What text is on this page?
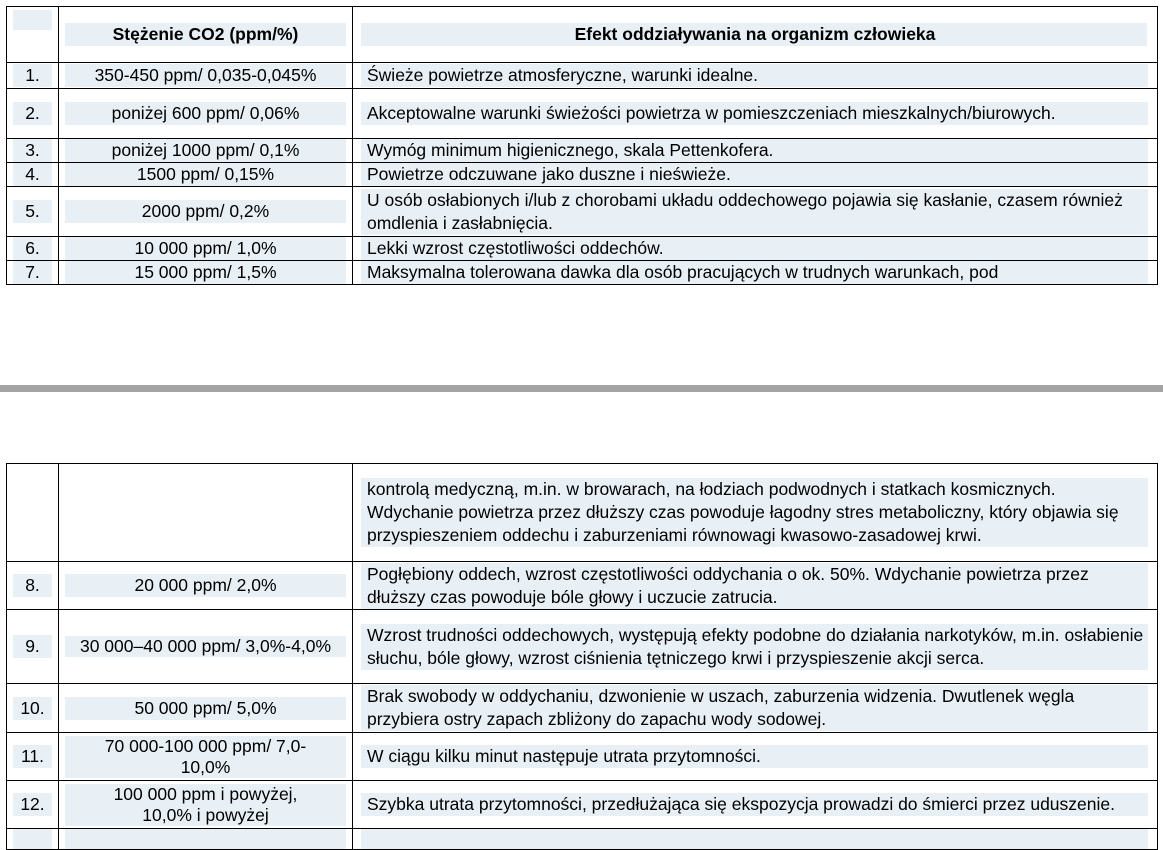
	Stężenie CO2 (ppm/%)	Efekt oddziaływania na organizm człowieka

1.	350-450 ppm/ 0,035-0,045%	Świeże powietrze atmosferyczne, warunki idealne.

2.	poniżej 600 ppm/ 0,06%	Akceptowalne warunki świeżości powietrza w pomieszczeniach mieszkalnych/biurowych.

3.	poniżej 1000 ppm/ 0,1%	Wymóg minimum higienicznego, skala Pettenkofera.

4.	1500 ppm/ 0,15%	Powietrze odczuwane jako duszne i nieświeże.

5.	2000 ppm/ 0,2%	U osób osłabionych i/lub z chorobami układu oddechowego pojawia się kasłanie, czasem również omdlenia i zasłabnięcia.

6.	10 000 ppm/ 1,0%	Lekki wzrost częstotliwości oddechów.

7.	15 000 ppm/ 1,5%	Maksymalna tolerowana dawka dla osób pracujących w trudnych warunkach, pod

		kontrolą medyczną, m.in. w browarach, na łodziach podwodnych i statkach kosmicznych. Wdychanie powietrza przez dłuższy czas powoduje łagodny stres metaboliczny, który objawia się przyspieszeniem oddechu i zaburzeniami równowagi kwasowo-zasadowej krwi.

8.	20 000 ppm/ 2,0%	Pogłębiony oddech, wzrost częstotliwości oddychania o ok. 50%. Wdychanie powietrza przez dłuższy czas powoduje bóle głowy i uczucie zatrucia.

9.	30 000–40 000 ppm/ 3,0%-4,0%	Wzrost trudności oddechowych, występują efekty podobne do działania narkotyków, m.in. osłabienie słuchu, bóle głowy, wzrost ciśnienia tętniczego krwi i przyspieszenie akcji serca.

10.	50 000 ppm/ 5,0%	Brak swobody w oddychaniu, dzwonienie w uszach, zaburzenia widzenia. Dwutlenek węgla przybiera ostry zapach zbliżony do zapachu wody sodowej.

11.	70 000-100 000 ppm/ 7,0-10,0%	W ciągu kilku minut następuje utrata przytomności.

12.	100 000 ppm i powyżej, 10,0% i powyżej	Szybka utrata przytomności, przedłużająca się ekspozycja prowadzi do śmierci przez uduszenie.
